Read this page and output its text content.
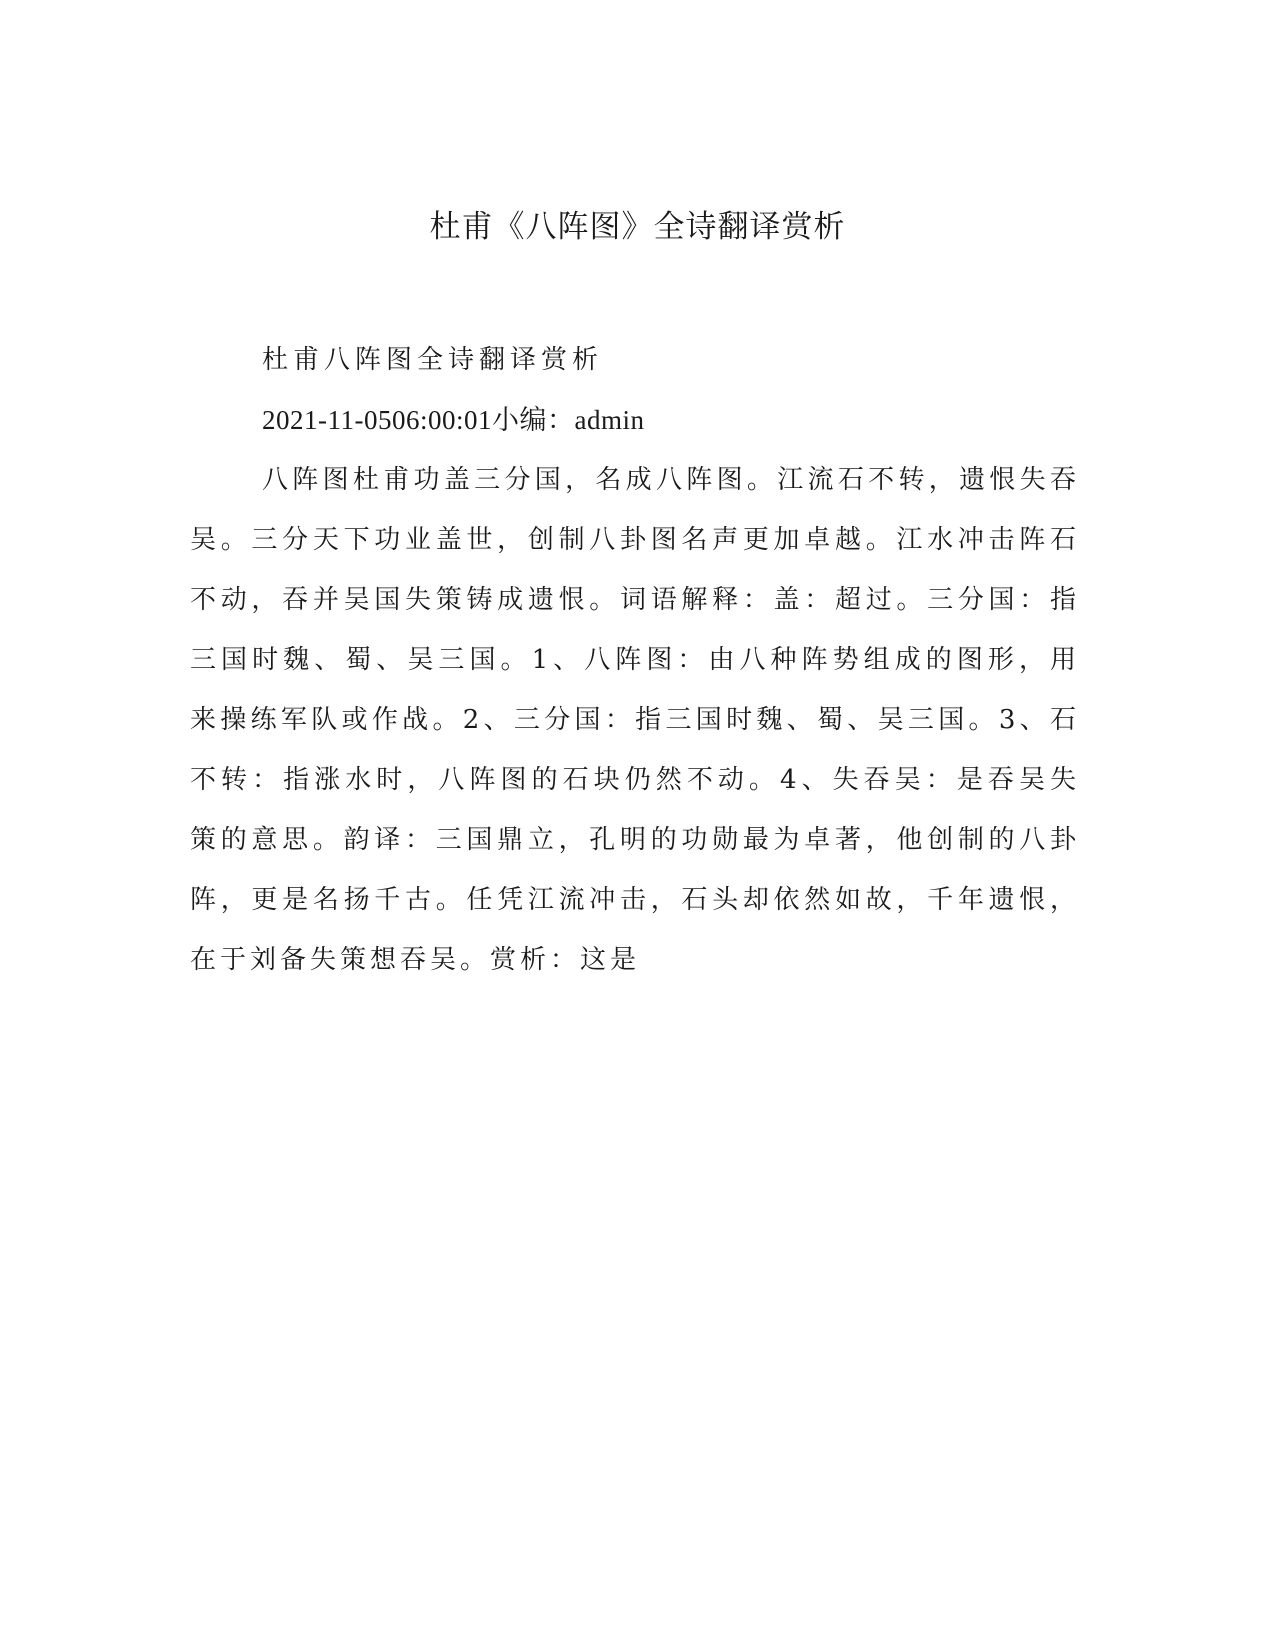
杜甫《八阵图》全诗翻译赏析

杜甫八阵图全诗翻译赏析

2021-11-0506:00:01小编：admin

八阵图杜甫功盖三分国，名成八阵图。江流石不转，遗恨失吞吴。三分天下功业盖世，创制八卦图名声更加卓越。江水冲击阵石不动，吞并吴国失策铸成遗恨。词语解释：盖：超过。三分国：指三国时魏、蜀、吴三国。1、八阵图：由八种阵势组成的图形，用来操练军队或作战。2、三分国：指三国时魏、蜀、吴三国。3、石不转：指涨水时，八阵图的石块仍然不动。4、失吞吴：是吞吴失策的意思。韵译：三国鼎立，孔明的功勋最为卓著，他创制的八卦阵，更是名扬千古。任凭江流冲击，石头却依然如故，千年遗恨，在于刘备失策想吞吴。赏析：这是
